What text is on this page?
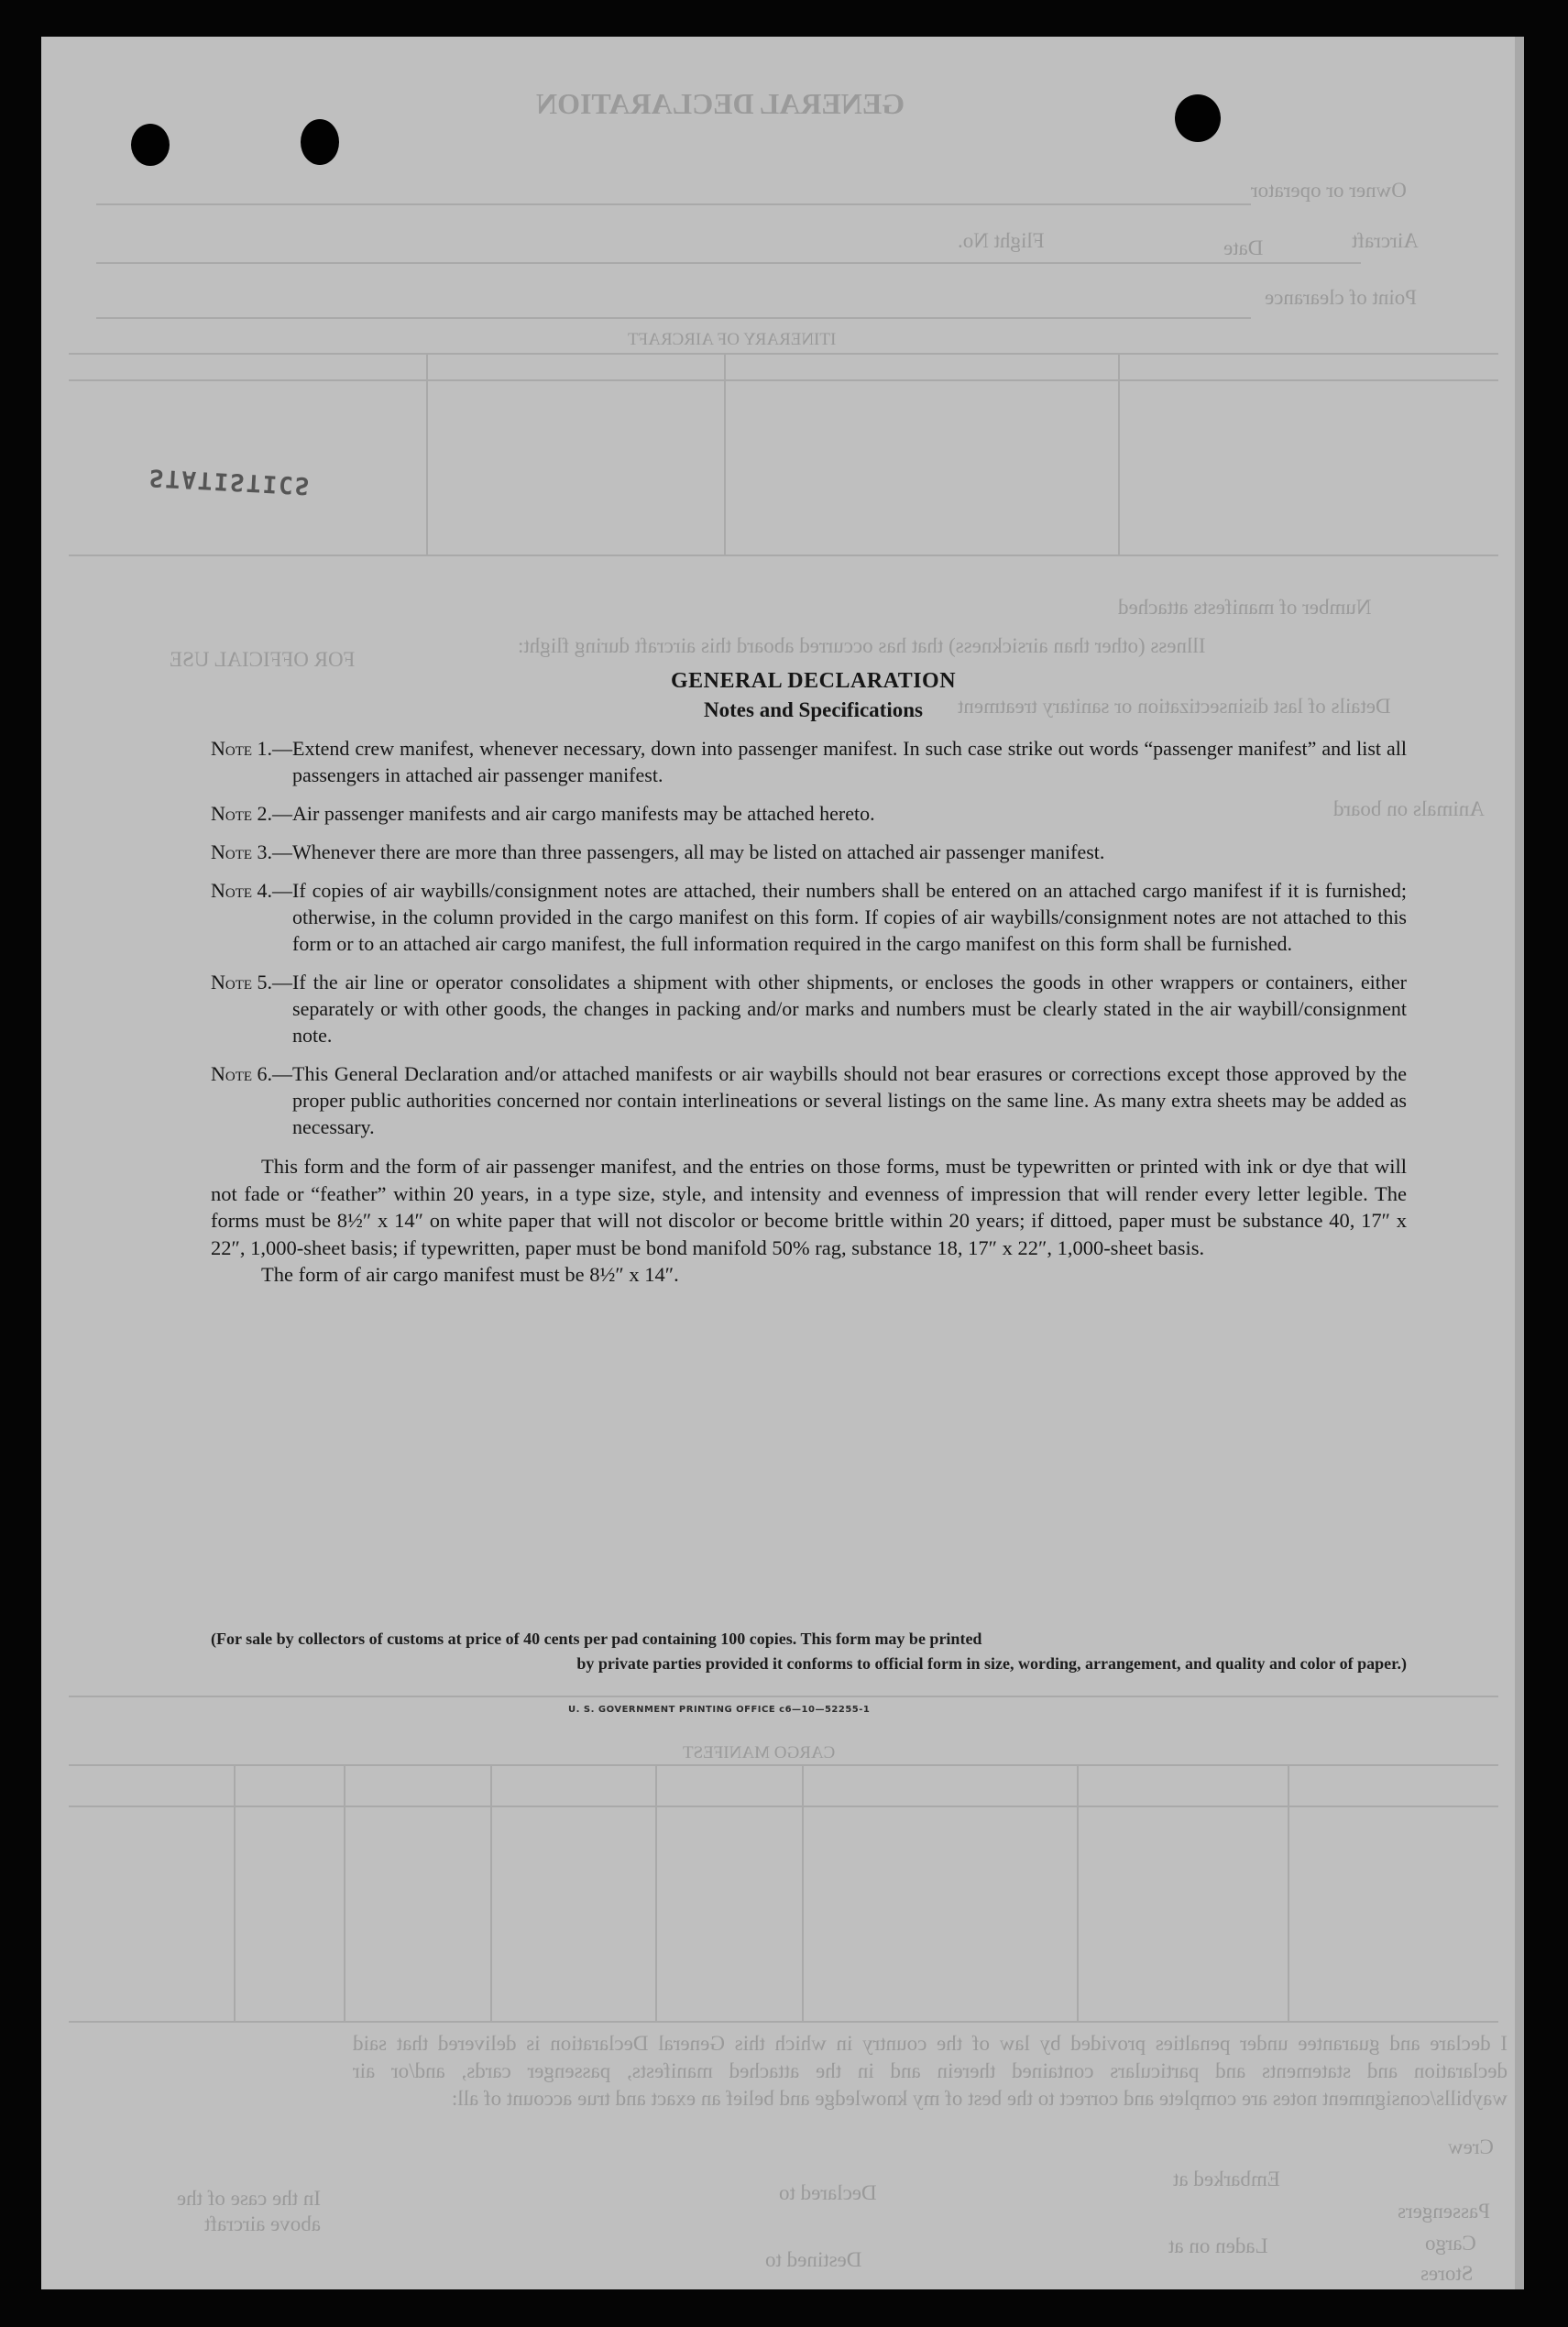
GENERAL DECLARATION
Owner or operator
Aircraft
Flight No.	Date
Point of clearance
ITINERARY OF AIRCRAFT
Number of manifests attached
Illness (other than airsickness) that has occurred aboard this aircraft during flight:
Details of last disinsectization or sanitary treatment
FOR OFFICIAL USE
Animals on board
CARGO MANIFEST
I declare and guarantee under penalties provided by law of the country in which this General Declaration is delivered that said declaration and statements and particulars contained therein and in the attached manifests, passenger cards, and/or air waybills/consignment notes are complete and correct to the best of my knowledge and belief an exact and true account of all:
Crew
Embarked at
Passengers
Declared to
In the case of the above aircraft
Cargo
Laden on at
Destined to
Stores
STATISTICS
GENERAL DECLARATION
Notes and Specifications
Note 1. — Extend crew manifest, whenever necessary, down into passenger manifest. In such case strike out words “passenger manifest” and list all passengers in attached air passenger manifest.
Note 2. — Air passenger manifests and air cargo manifests may be attached hereto.
Note 3. — Whenever there are more than three passengers, all may be listed on attached air passenger manifest.
Note 4. — If copies of air waybills/consignment notes are attached, their numbers shall be entered on an attached cargo manifest if it is furnished; otherwise, in the column provided in the cargo manifest on this form. If copies of air waybills/consignment notes are not attached to this form or to an attached air cargo manifest, the full information required in the cargo manifest on this form shall be furnished.
Note 5. — If the air line or operator consolidates a shipment with other shipments, or encloses the goods in other wrappers or containers, either separately or with other goods, the changes in packing and/or marks and numbers must be clearly stated in the air waybill/consignment note.
Note 6. — This General Declaration and/or attached manifests or air waybills should not bear erasures or corrections except those approved by the proper public authorities concerned nor contain interlineations or several listings on the same line. As many extra sheets may be added as necessary.

This form and the form of air passenger manifest, and the entries on those forms, must be typewritten or printed with ink or dye that will not fade or “feather” within 20 years, in a type size, style, and intensity and evenness of impression that will render every letter legible. The forms must be 8½″ x 14″ on white paper that will not discolor or become brittle within 20 years; if dittoed, paper must be substance 40, 17″ x 22″, 1,000-sheet basis; if typewritten, paper must be bond manifold 50% rag, substance 18, 17″ x 22″, 1,000-sheet basis.

The form of air cargo manifest must be 8½″ x 14″.

(For sale by collectors of customs at price of 40 cents per pad containing 100 copies. This form may be printed
by private parties provided it conforms to official form in size, wording, arrangement, and quality and color of paper.)
U. S. GOVERNMENT PRINTING OFFICE c6—10—52255-1
